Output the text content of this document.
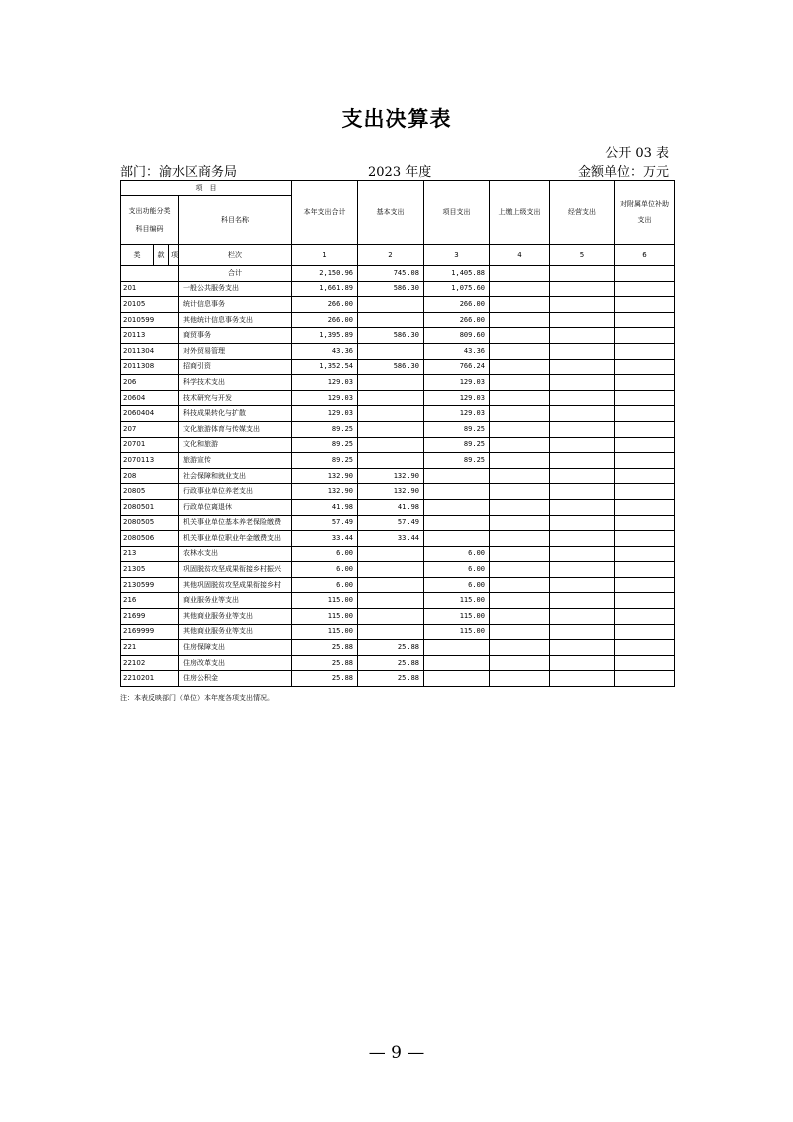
支出决算表
公开 03 表
部门：渝水区商务局	2023 年度	金额单位：万元
项　目				本年支出合计	基本支出	项目支出	上缴上级支出	经营支出	对附属单位补助支出

支出功能分类
科目编码			科目名称						
类	款	项	栏次	1	2	3	4	5	6
			合计	2,150.96	745.08	1,405.88			
201			一般公共服务支出	1,661.89	586.30	1,075.60			
20105			统计信息事务	266.00		266.00			
2010599			其他统计信息事务支出	266.00		266.00			
20113			商贸事务	1,395.89	586.30	809.60			
2011304			对外贸易管理	43.36		43.36			
2011308			招商引资	1,352.54	586.30	766.24			
206			科学技术支出	129.03		129.03			
20604			技术研究与开发	129.03		129.03			
2060404			科技成果转化与扩散	129.03		129.03			
207			文化旅游体育与传媒支出	89.25		89.25			
20701			文化和旅游	89.25		89.25			
2070113			旅游宣传	89.25		89.25			
208			社会保障和就业支出	132.90	132.90				
20805			行政事业单位养老支出	132.90	132.90				
2080501			行政单位离退休	41.98	41.98				
2080505			机关事业单位基本养老保险缴费	57.49	57.49				
2080506			机关事业单位职业年金缴费支出	33.44	33.44				
213			农林水支出	6.00		6.00			
21305			巩固脱贫攻坚成果衔接乡村振兴	6.00		6.00			
2130599			其他巩固脱贫攻坚成果衔接乡村	6.00		6.00			
216			商业服务业等支出	115.00		115.00			
21699			其他商业服务业等支出	115.00		115.00			
2169999			其他商业服务业等支出	115.00		115.00			
221			住房保障支出	25.88	25.88				
22102			住房改革支出	25.88	25.88				
2210201			住房公积金	25.88	25.88				
注：本表反映部门（单位）本年度各项支出情况。
— 9 —
